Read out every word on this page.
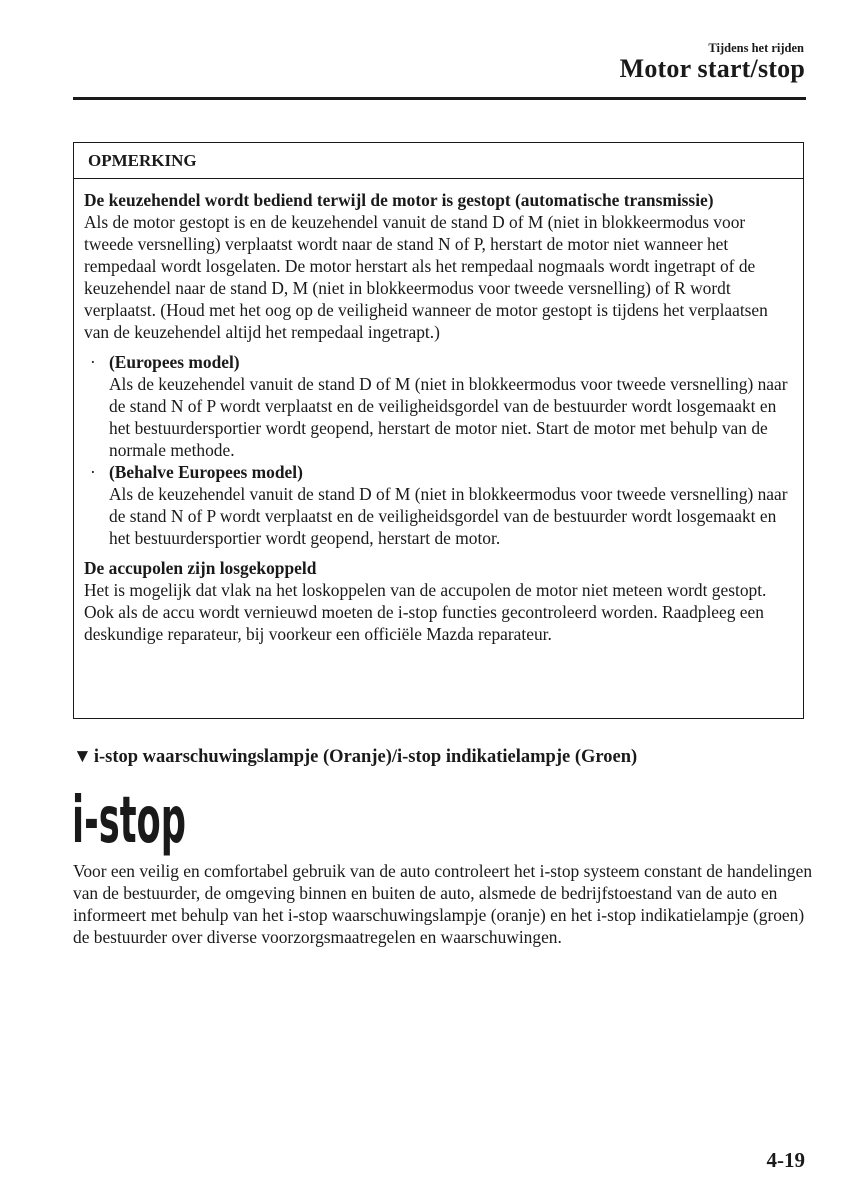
Tijdens het rijden
Motor start/stop
OPMERKING

De keuzehendel wordt bediend terwijl de motor is gestopt (automatische transmissie)
Als de motor gestopt is en de keuzehendel vanuit de stand D of M (niet in blokkeermodus voor tweede versnelling) verplaatst wordt naar de stand N of P, herstart de motor niet wanneer het rempedaal wordt losgelaten. De motor herstart als het rempedaal nogmaals wordt ingetrapt of de keuzehendel naar de stand D, M (niet in blokkeermodus voor tweede versnelling) of R wordt verplaatst. (Houd met het oog op de veiligheid wanneer de motor gestopt is tijdens het verplaatsen van de keuzehendel altijd het rempedaal ingetrapt.)

· (Europees model)
Als de keuzehendel vanuit de stand D of M (niet in blokkeermodus voor tweede versnelling) naar de stand N of P wordt verplaatst en de veiligheidsgordel van de bestuurder wordt losgemaakt en het bestuurdersportier wordt geopend, herstart de motor niet. Start de motor met behulp van de normale methode.
· (Behalve Europees model)
Als de keuzehendel vanuit de stand D of M (niet in blokkeermodus voor tweede versnelling) naar de stand N of P wordt verplaatst en de veiligheidsgordel van de bestuurder wordt losgemaakt en het bestuurdersportier wordt geopend, herstart de motor.

De accupolen zijn losgekoppeld
Het is mogelijk dat vlak na het loskoppelen van de accupolen de motor niet meteen wordt gestopt. Ook als de accu wordt vernieuwd moeten de i-stop functies gecontroleerd worden. Raadpleeg een deskundige reparateur, bij voorkeur een officiële Mazda reparateur.

▼ i-stop waarschuwingslampje (Oranje)/i-stop indikatielampje (Groen)
i-stop

Voor een veilig en comfortabel gebruik van de auto controleert het i-stop systeem constant de handelingen van de bestuurder, de omgeving binnen en buiten de auto, alsmede de bedrijfstoestand van de auto en informeert met behulp van het i-stop waarschuwingslampje (oranje) en het i-stop indikatielampje (groen) de bestuurder over diverse voorzorgsmaatregelen en waarschuwingen.

4-19
